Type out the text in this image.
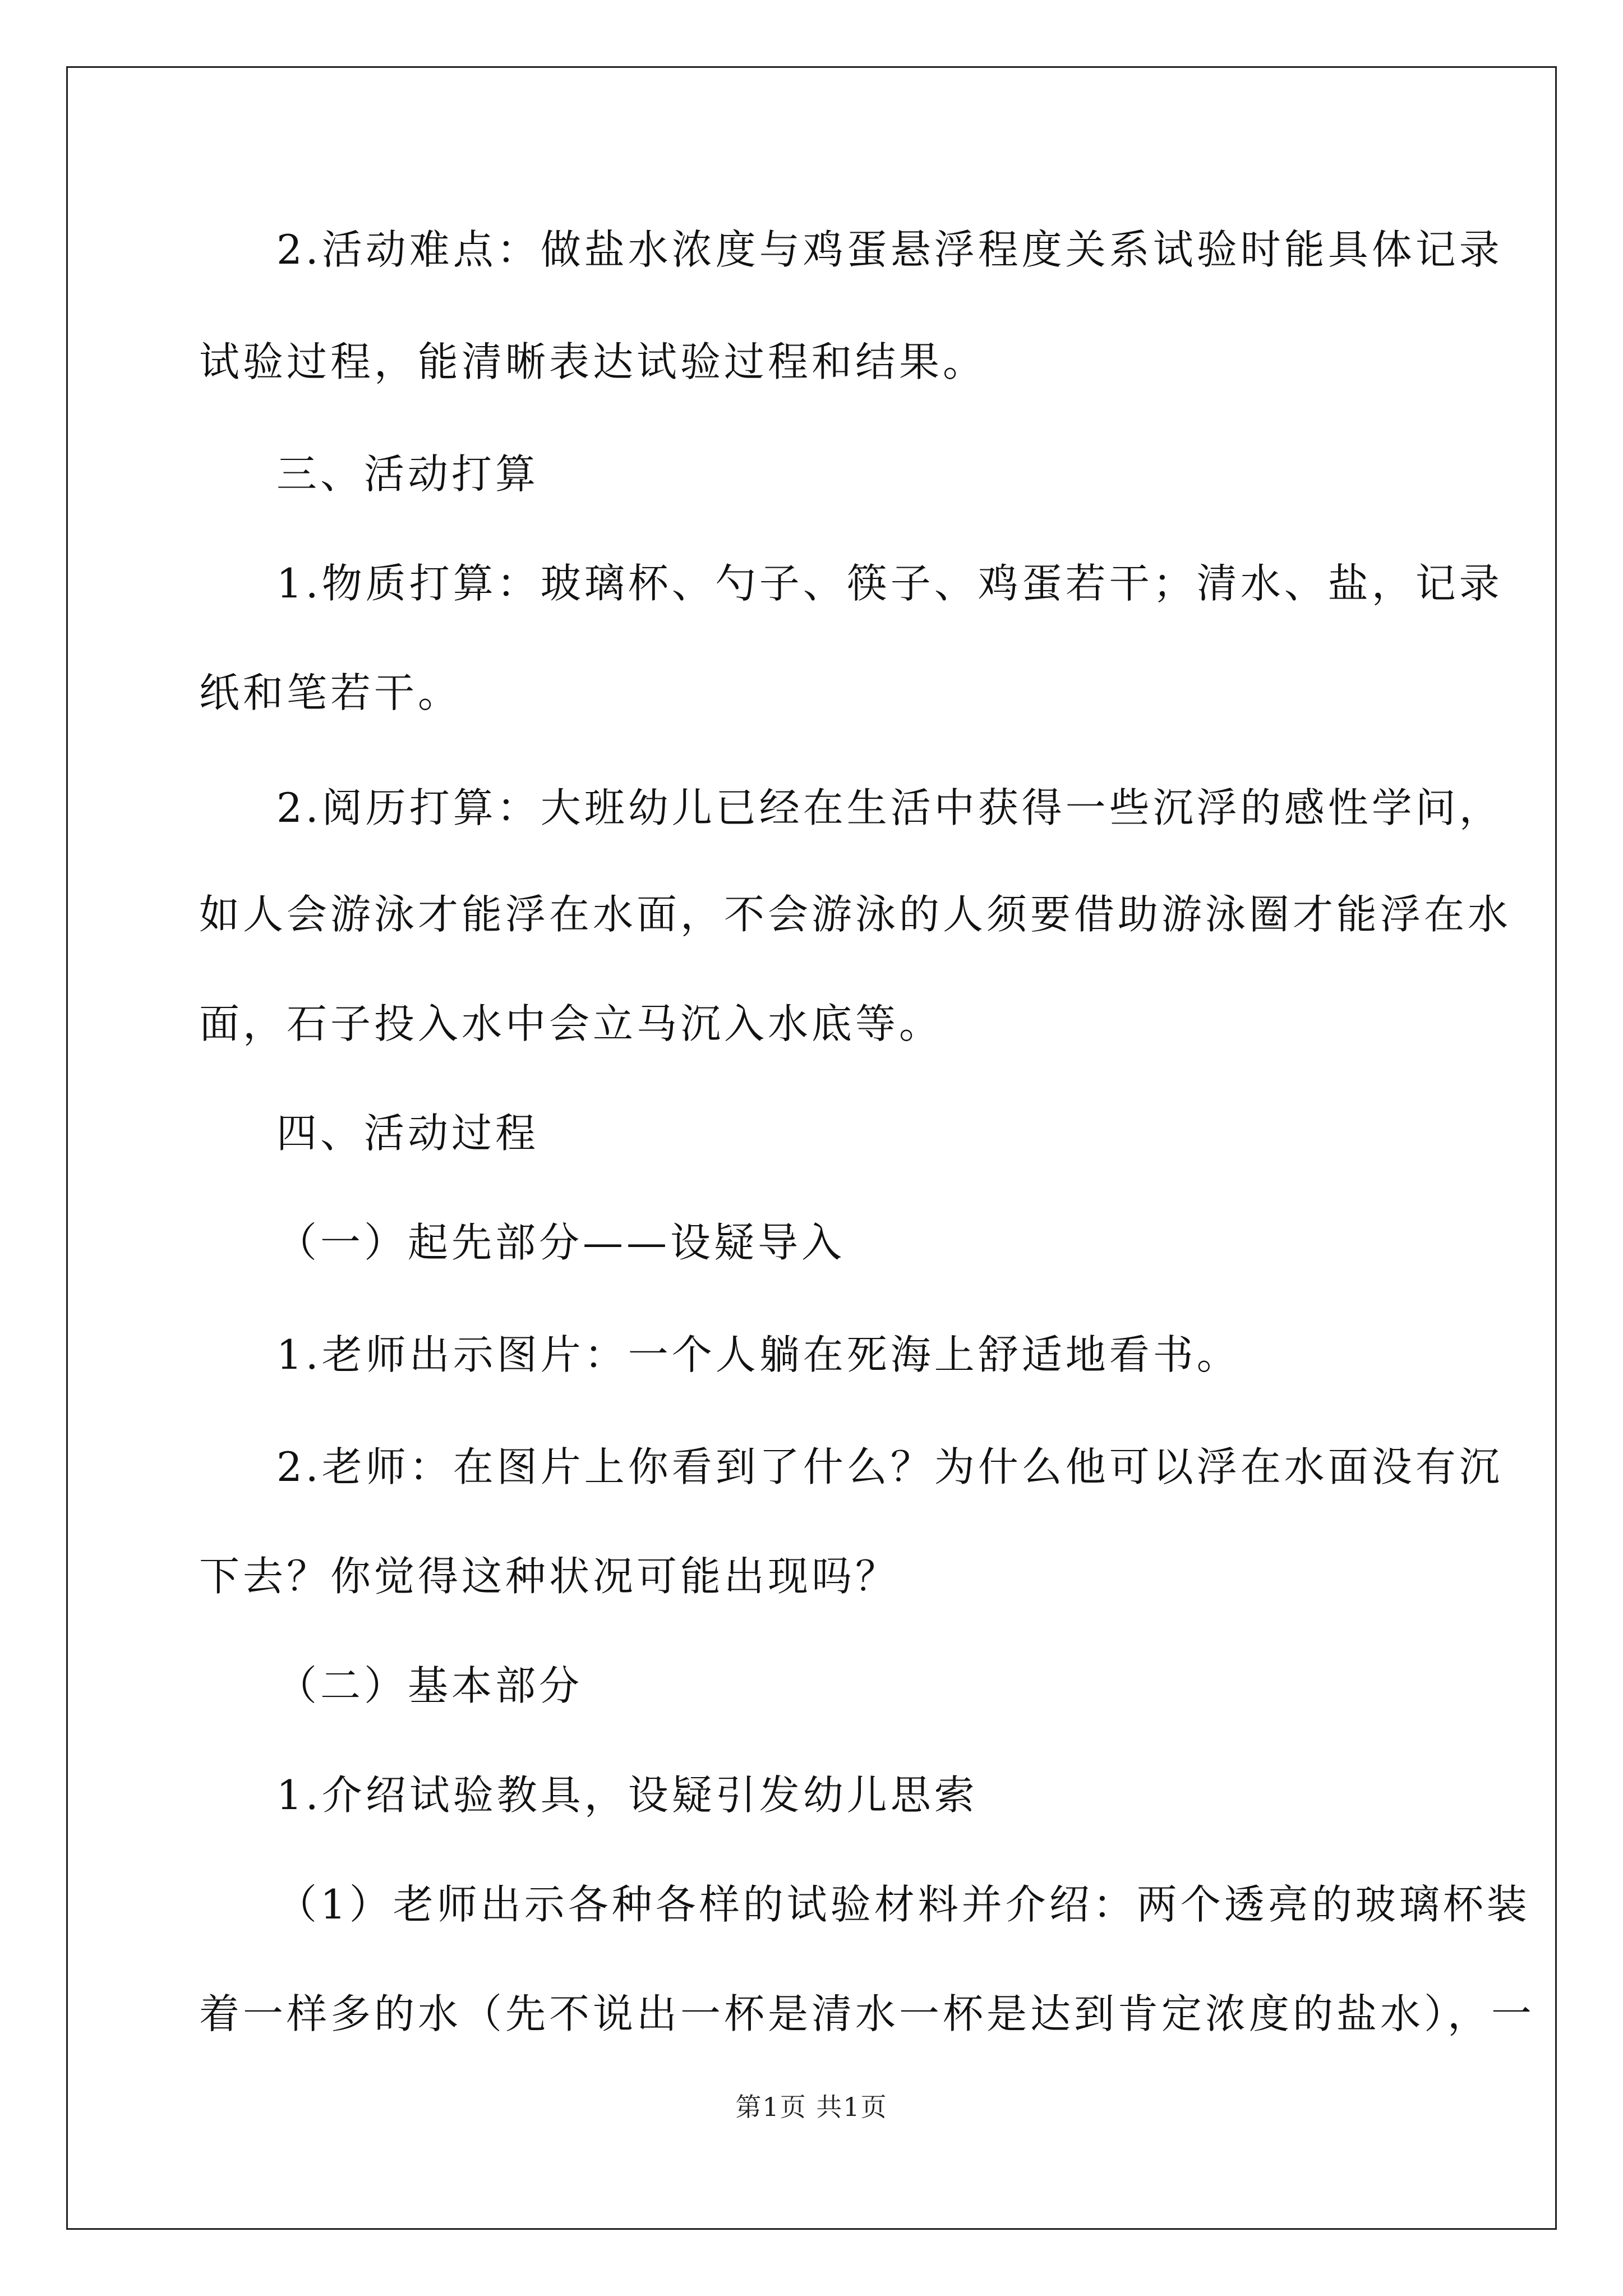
2.活动难点：做盐水浓度与鸡蛋悬浮程度关系试验时能具体记录
试验过程，能清晰表达试验过程和结果。
三、活动打算
1.物质打算：玻璃杯、勺子、筷子、鸡蛋若干；清水、盐，记录
纸和笔若干。
2.阅历打算：大班幼儿已经在生活中获得一些沉浮的感性学问，
如人会游泳才能浮在水面，不会游泳的人须要借助游泳圈才能浮在水
面，石子投入水中会立马沉入水底等。
四、活动过程
（一）起先部分——设疑导入
1.老师出示图片：一个人躺在死海上舒适地看书。
2.老师：在图片上你看到了什么？为什么他可以浮在水面没有沉
下去？你觉得这种状况可能出现吗？
（二）基本部分
1.介绍试验教具，设疑引发幼儿思索
（1）老师出示各种各样的试验材料并介绍：两个透亮的玻璃杯装
着一样多的水（先不说出一杯是清水一杯是达到肯定浓度的盐水），一
第1页 共1页
